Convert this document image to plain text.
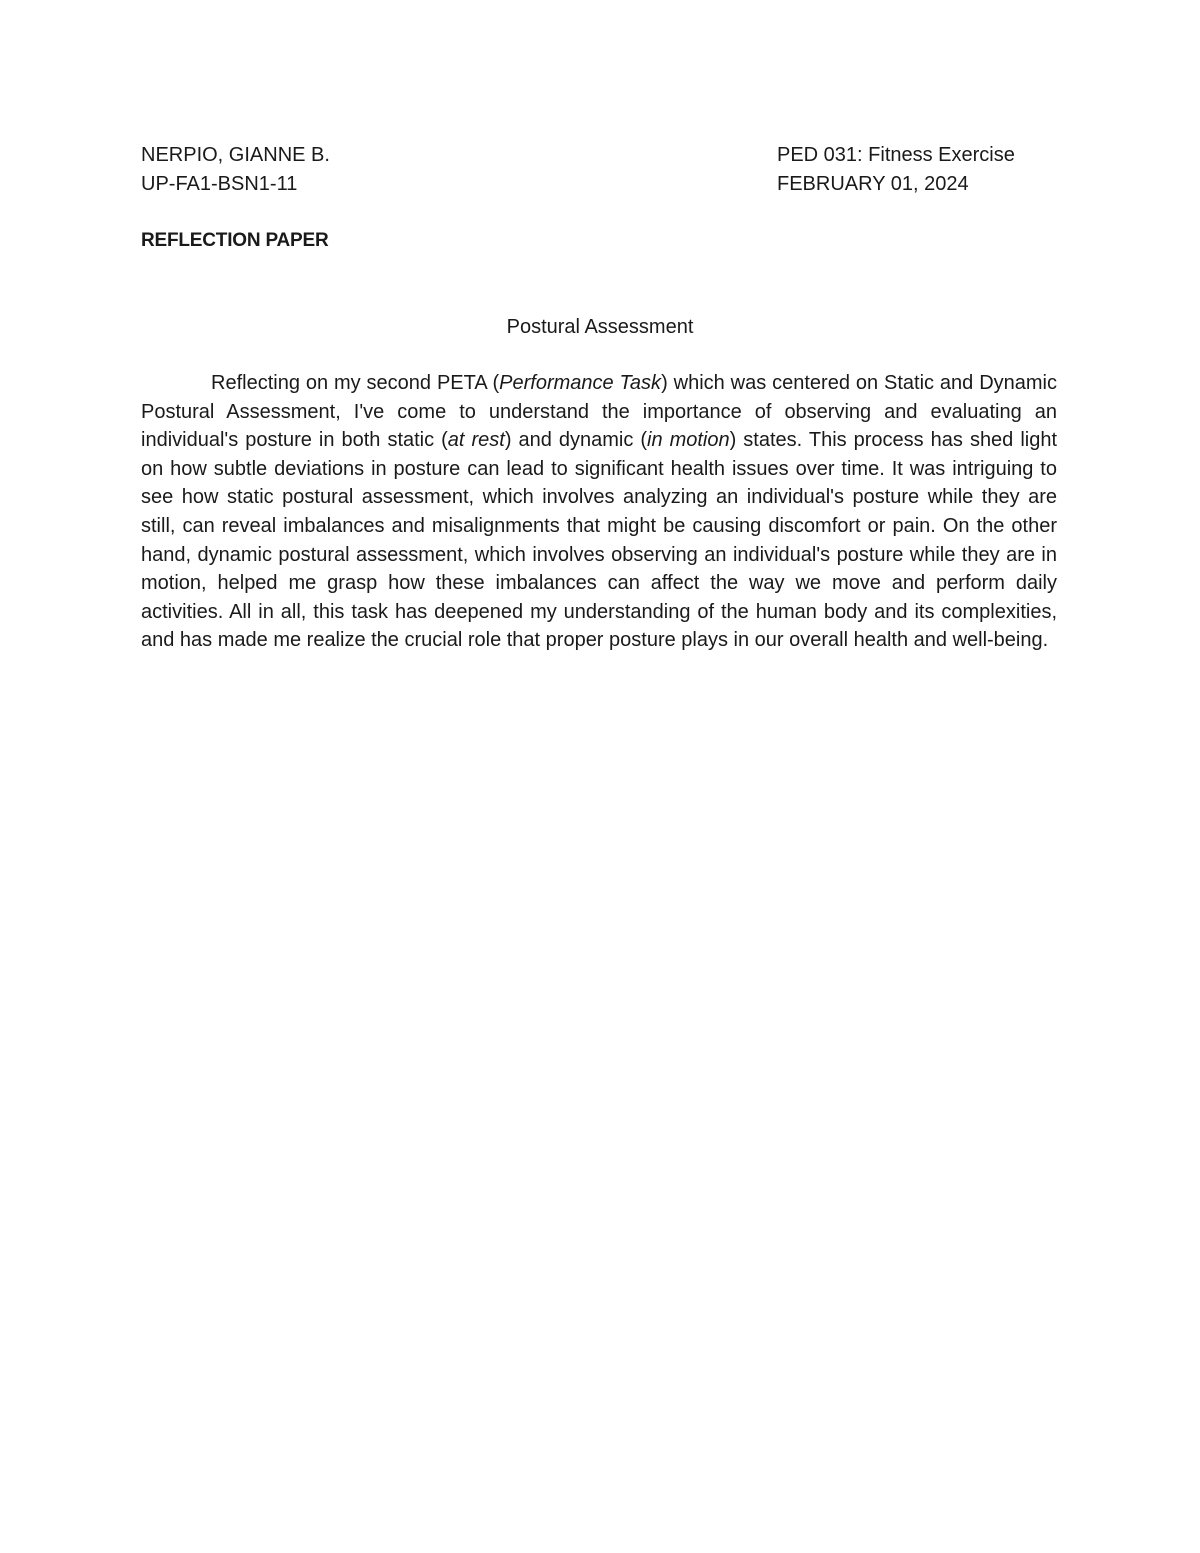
NERPIO, GIANNE B.
UP-FA1-BSN1-11
PED 031: Fitness Exercise
FEBRUARY 01, 2024
REFLECTION PAPER
Postural Assessment

Reflecting on my second PETA (Performance Task) which was centered on Static and Dynamic Postural Assessment, I've come to understand the importance of observing and evaluating an individual's posture in both static (at rest) and dynamic (in motion) states. This process has shed light on how subtle deviations in posture can lead to significant health issues over time. It was intriguing to see how static postural assessment, which involves analyzing an individual's posture while they are still, can reveal imbalances and misalignments that might be causing discomfort or pain. On the other hand, dynamic postural assessment, which involves observing an individual's posture while they are in motion, helped me grasp how these imbalances can affect the way we move and perform daily activities. All in all, this task has deepened my understanding of the human body and its complexities, and has made me realize the crucial role that proper posture plays in our overall health and well-being.
